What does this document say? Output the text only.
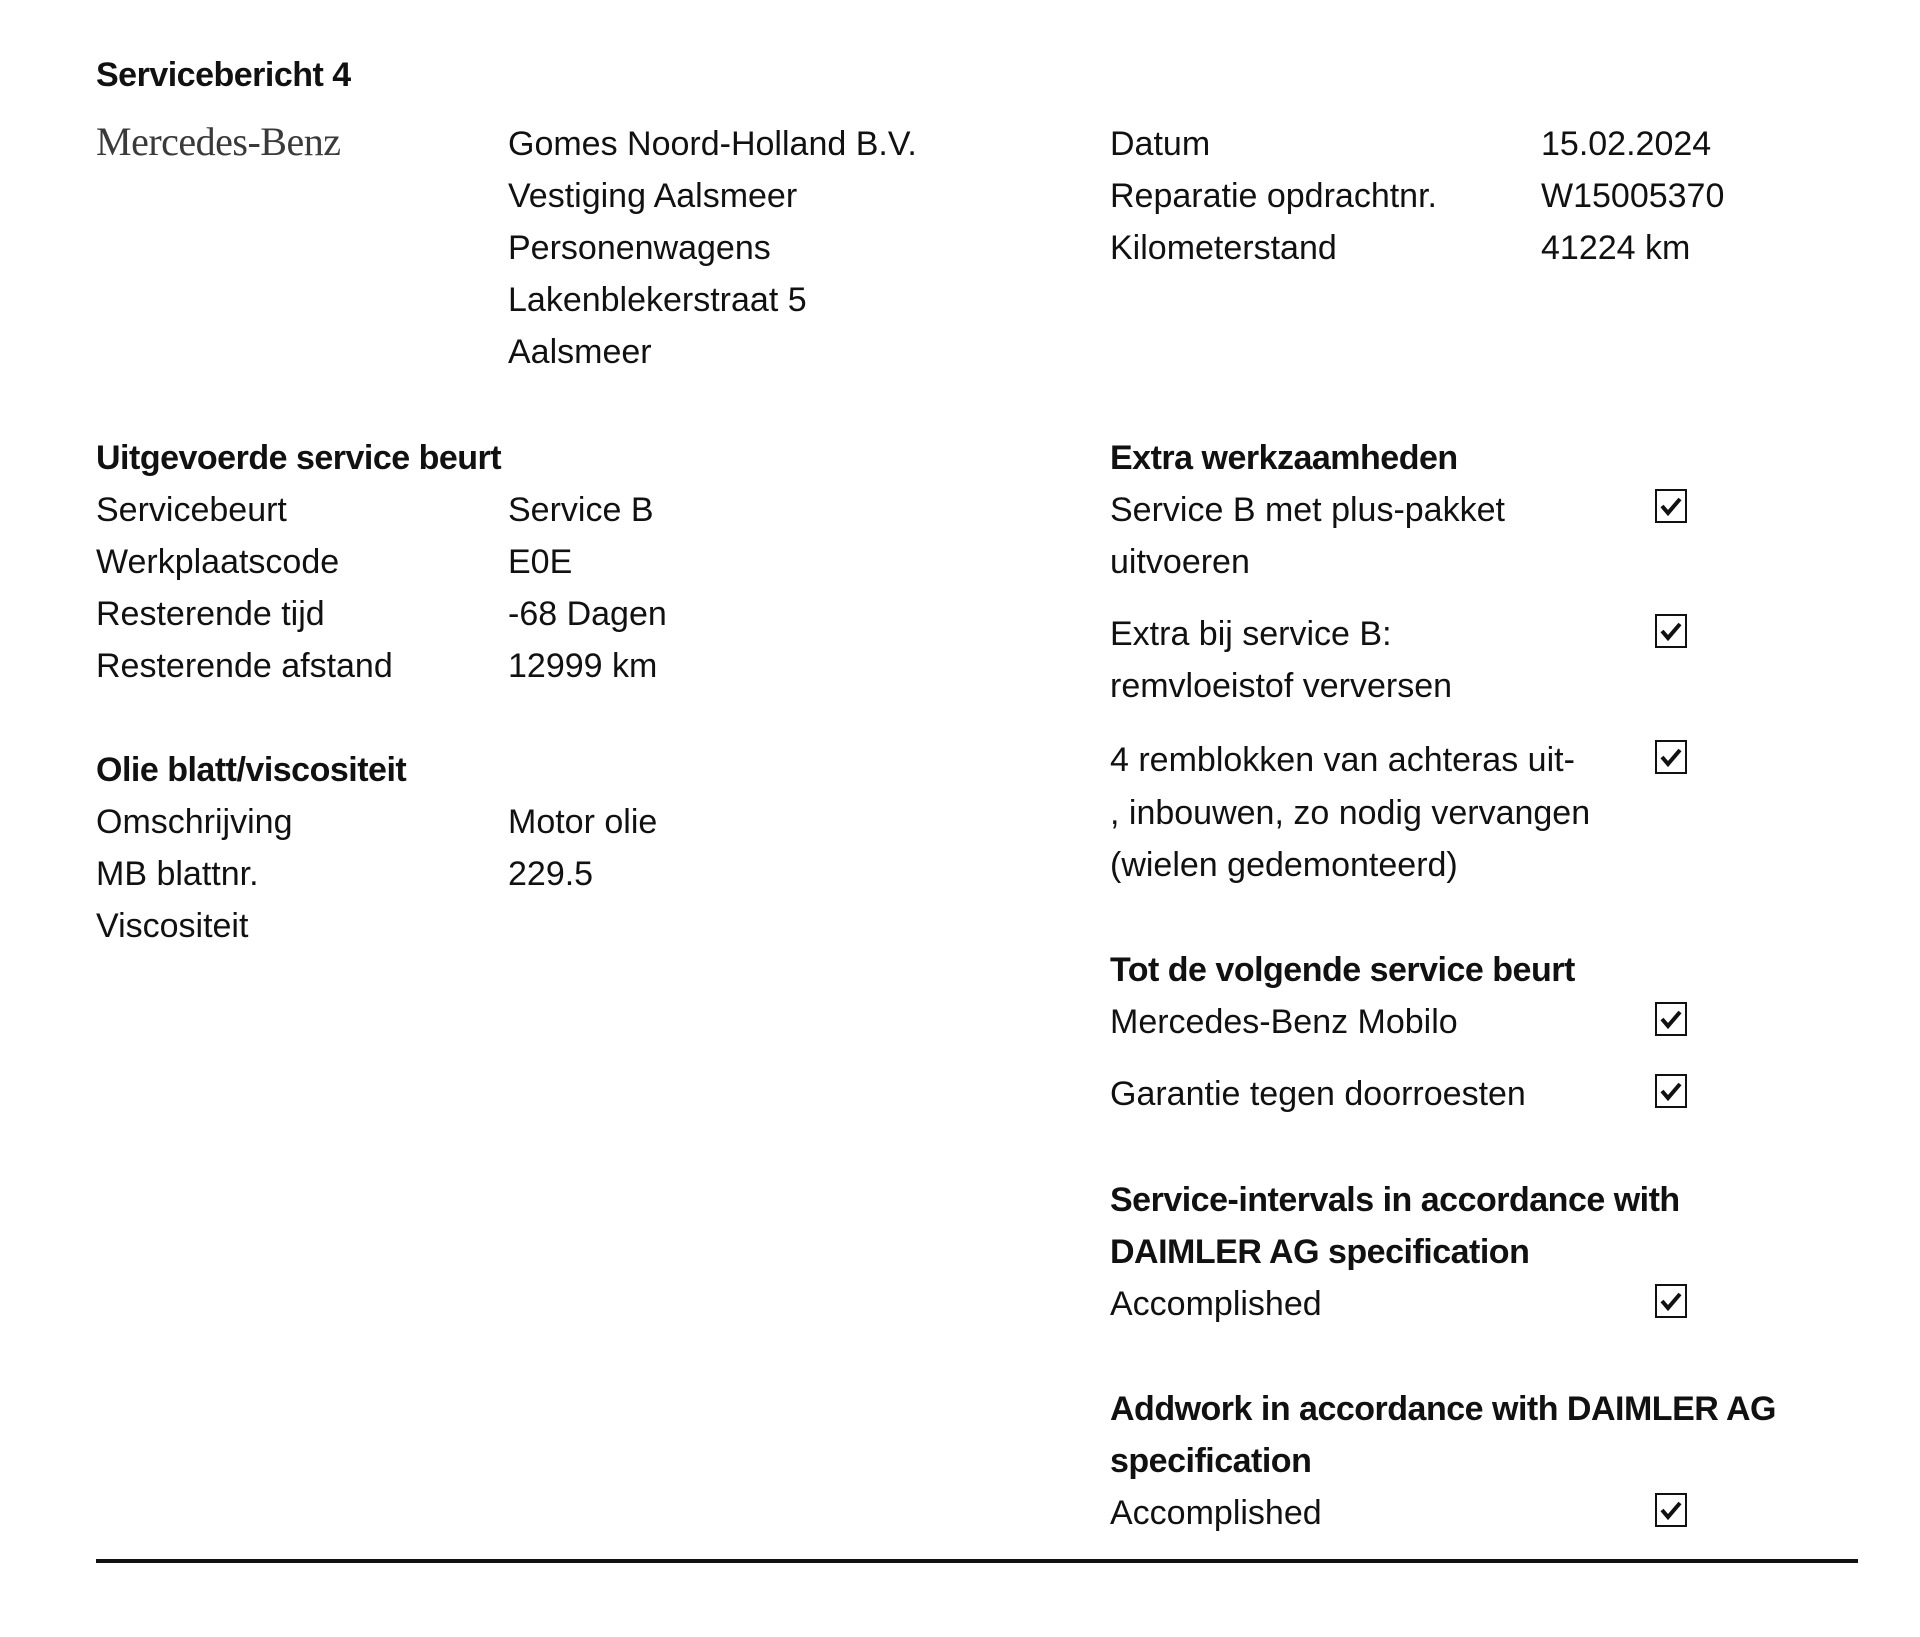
Servicebericht 4
Mercedes-Benz	Gomes Noord-Holland B.V.
Vestiging Aalsmeer
Personenwagens
Lakenblekerstraat 5
Aalsmeer
Datum	15.02.2024
Reparatie opdrachtnr.	W15005370
Kilometerstand	41224 km
Uitgevoerde service beurt
Servicebeurt	Service B
Werkplaatscode	E0E
Resterende tijd	-68 Dagen
Resterende afstand	12999 km
Olie blatt/viscositeit
Omschrijving	Motor olie
MB blattnr.	229.5
Viscositeit
Extra werkzaamheden
Service B met plus-pakket
uitvoeren
Extra bij service B:
remvloeistof verversen
4 remblokken van achteras uit-
, inbouwen, zo nodig vervangen
(wielen gedemonteerd)
Tot de volgende service beurt
Mercedes-Benz Mobilo
Garantie tegen doorroesten
Service-intervals in accordance with
DAIMLER AG specification
Accomplished
Addwork in accordance with DAIMLER AG
specification
Accomplished
